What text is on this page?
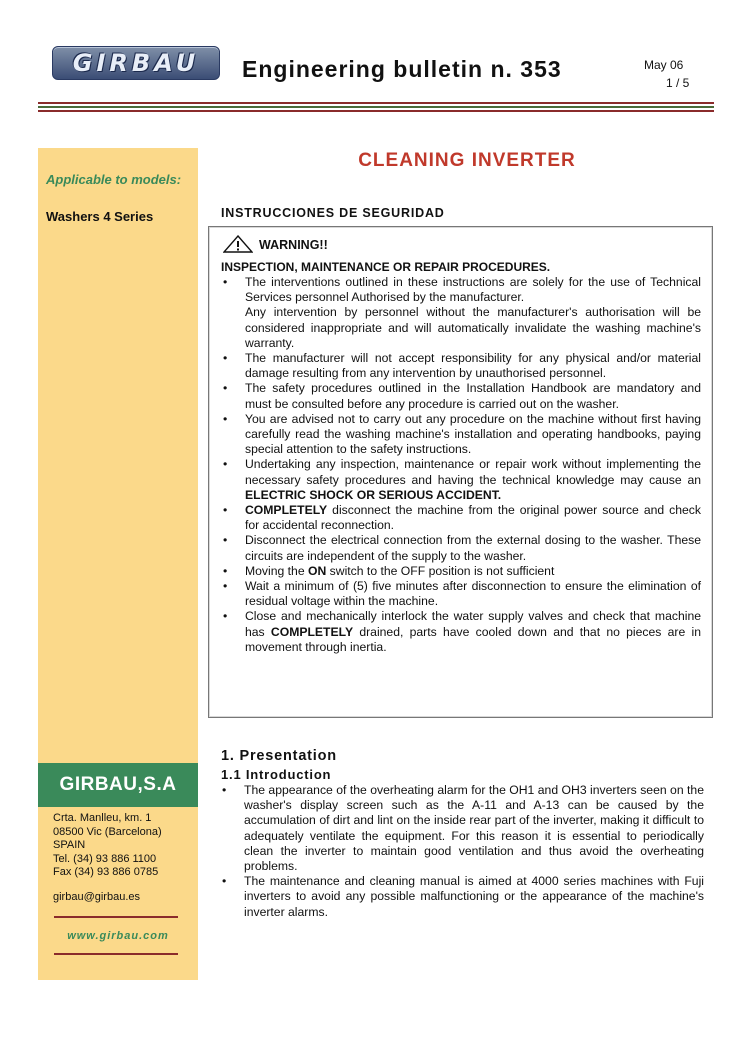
GIRBAU	Engineering bulletin n. 353	May 06
1 / 5
Applicable to models:
Washers 4 Series
GIRBAU,S.A
Crta. Manlleu, km. 1
08500 Vic (Barcelona)
SPAIN
Tel. (34) 93 886 1100
Fax (34) 93 886 0785
girbau@girbau.es
www.girbau.com
CLEANING INVERTER
INSTRUCCIONES DE SEGURIDAD
WARNING!!
INSPECTION, MAINTENANCE OR REPAIR PROCEDURES.
• The interventions outlined in these instructions are solely for the use of Technical Services personnel Authorised by the manufacturer.
Any intervention by personnel without the manufacturer's authorisation will be considered inappropriate and will automatically invalidate the washing machine's warranty.
• The manufacturer will not accept responsibility for any physical and/or material damage resulting from any intervention by unauthorised personnel.
• The safety procedures outlined in the Installation Handbook are mandatory and must be consulted before any procedure is carried out on the washer.
• You are advised not to carry out any procedure on the machine without first having carefully read the washing machine's installation and operating handbooks, paying special attention to the safety instructions.
• Undertaking any inspection, maintenance or repair work without implementing the necessary safety procedures and having the technical knowledge may cause an ELECTRIC SHOCK OR SERIOUS ACCIDENT.
• COMPLETELY disconnect the machine from the original power source and check for accidental reconnection.
• Disconnect the electrical connection from the external dosing to the washer. These circuits are independent of the supply to the washer.
• Moving the ON switch to the OFF position is not sufficient
• Wait a minimum of (5) five minutes after disconnection to ensure the elimination of residual voltage within the machine.
• Close and mechanically interlock the water supply valves and check that machine has COMPLETELY drained, parts have cooled down and that no pieces are in movement through inertia.
1. Presentation
1.1 Introduction
• The appearance of the overheating alarm for the OH1 and OH3 inverters seen on the washer's display screen such as the A-11 and A-13 can be caused by the accumulation of dirt and lint on the inside rear part of the inverter, making it difficult to adequately ventilate the equipment. For this reason it is essential to periodically clean the inverter to maintain good ventilation and thus avoid the overheating problems.
• The maintenance and cleaning manual is aimed at 4000 series machines with Fuji inverters to avoid any possible malfunctioning or the appearance of the machine's inverter alarms.
